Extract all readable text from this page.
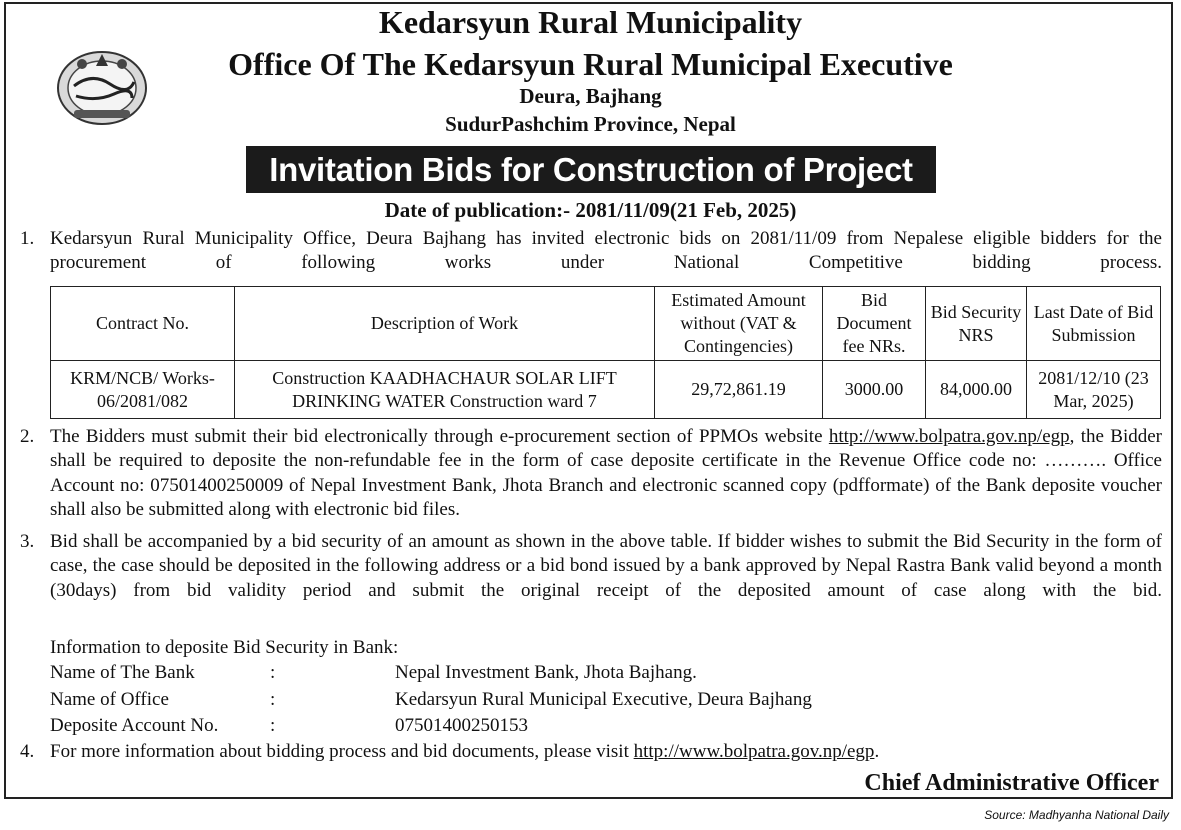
Kedarsyun Rural Municipality
Office Of The Kedarsyun Rural Municipal Executive
Deura, Bajhang
SudurPashchim Province, Nepal
Invitation Bids for Construction of Project
Date of publication:- 2081/11/09(21 Feb, 2025)
1. Kedarsyun Rural Municipality Office, Deura Bajhang has invited electronic bids on 2081/11/09 from Nepalese eligible bidders for the procurement of following works under National Competitive bidding process.
Contract No.	Description of Work	Estimated Amount without (VAT & Contingencies)	Bid Document fee NRs.	Bid Security NRS	Last Date of Bid Submission
KRM/NCB/ Works-06/2081/082	Construction KAADHACHAUR SOLAR LIFT DRINKING WATER Construction ward 7	29,72,861.19	3000.00	84,000.00	2081/12/10 (23 Mar, 2025)
2. The Bidders must submit their bid electronically through e-procurement section of PPMOs website http://www.bolpatra.gov.np/egp, the Bidder shall be required to deposite the non-refundable fee in the form of case deposite certificate in the Revenue Office code no: ………. Office Account no: 07501400250009 of Nepal Investment Bank, Jhota Branch and electronic scanned copy (pdfformate) of the Bank deposite voucher shall also be submitted along with electronic bid files.
3. Bid shall be accompanied by a bid security of an amount as shown in the above table. If bidder wishes to submit the Bid Security in the form of case, the case should be deposited in the following address or a bid bond issued by a bank approved by Nepal Rastra Bank valid beyond a month (30days) from bid validity period and submit the original receipt of the deposited amount of case along with the bid.
Information to deposite Bid Security in Bank:
Name of The Bank	:	Nepal Investment Bank, Jhota Bajhang.
Name of Office	:	Kedarsyun Rural Municipal Executive, Deura Bajhang
Deposite Account No.	:	07501400250153
4. For more information about bidding process and bid documents, please visit http://www.bolpatra.gov.np/egp.
Chief Administrative Officer
Source: Madhyanha National Daily
